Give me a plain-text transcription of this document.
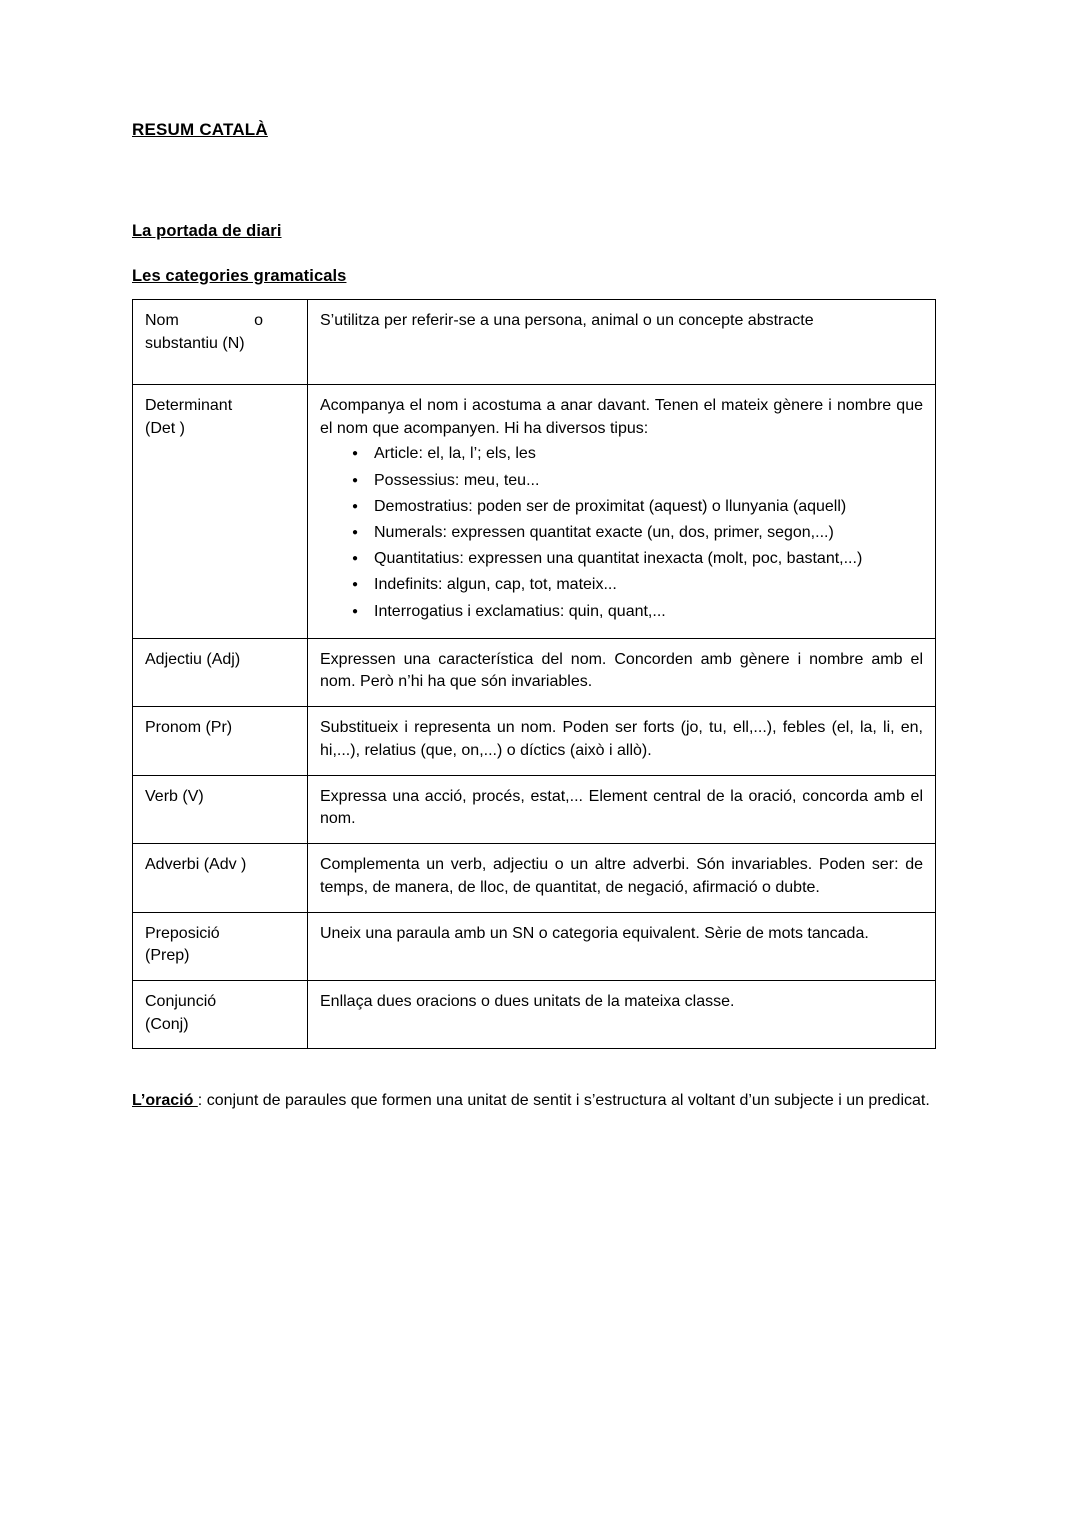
RESUM CATALÀ
La portada de diari
Les categories gramaticals
Nom o
substantiu (N)	S’utilitza per referir-se a una persona, animal o un concepte abstracte

Determinant
(Det )
	Acompanya el nom i acostuma a anar davant. Tenen el mateix gènere i nombre que el nom que acompanyen. Hi ha diversos tipus:
● Article: el, la, l’; els, les
● Possessius: meu, teu...
● Demostratius: poden ser de proximitat (aquest) o llunyania (aquell)
● Numerals: expressen quantitat exacte (un, dos, primer, segon,...)
● Quantitatius: expressen una quantitat inexacta (molt, poc, bastant,...)
● Indefinits: algun, cap, tot, mateix...
● Interrogatius i exclamatius: quin, quant,...

Adjectiu (Adj)	Expressen una característica del nom. Concorden amb gènere i nombre amb el nom. Però n’hi ha que són invariables.

Pronom (Pr)	Substitueix i representa un nom. Poden ser forts (jo, tu, ell,...), febles (el, la, li, en, hi,...), relatius (que, on,...) o díctics (això i allò).

Verb (V)	Expressa una acció, procés, estat,... Element central de la oració, concorda amb el nom.

Adverbi (Adv )	Complementa un verb, adjectiu o un altre adverbi. Són invariables. Poden ser: de temps, de manera, de lloc, de quantitat, de negació, afirmació o dubte.

Preposició
(Prep)	Uneix una paraula amb un SN o categoria equivalent. Sèrie de mots tancada.

Conjunció
(Conj)	Enllaça dues oracions o dues unitats de la mateixa classe.

L’oració : conjunt de paraules que formen una unitat de sentit i s’estructura al voltant d’un subjecte i un predicat.
